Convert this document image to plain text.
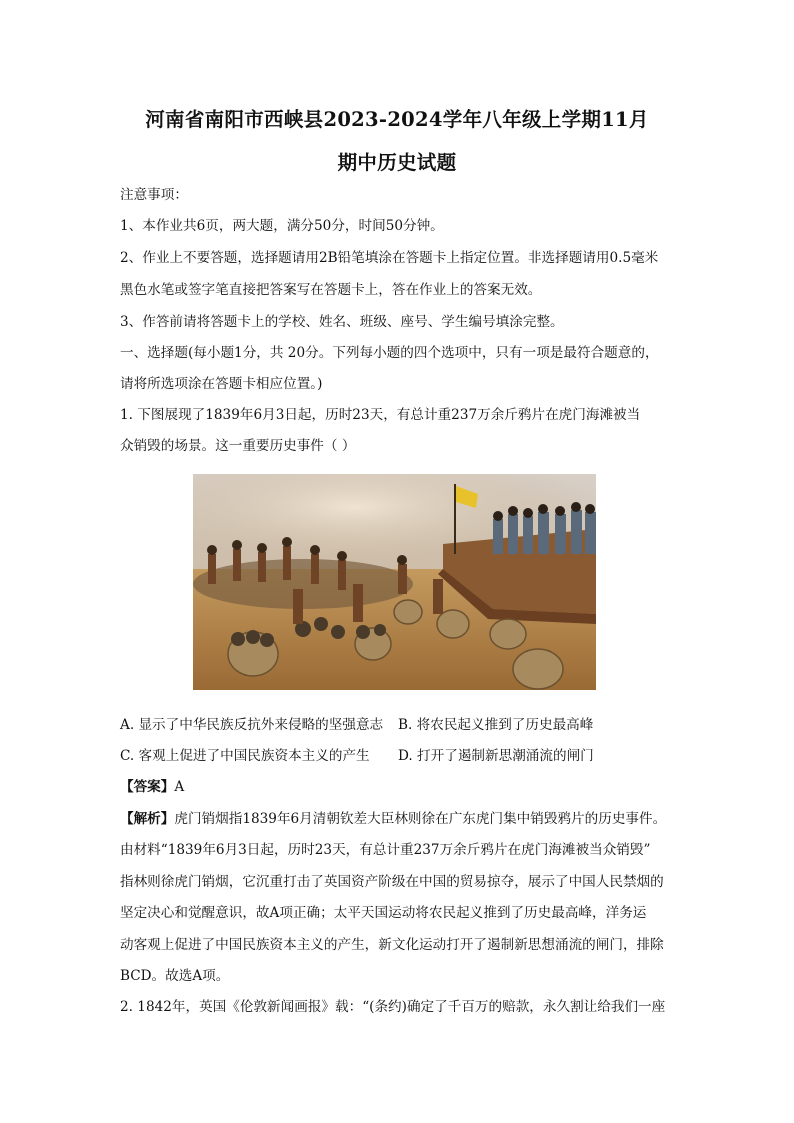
河南省南阳市西峡县2023-2024学年八年级上学期11月
期中历史试题
注意事项：
1、本作业共6页，两大题，满分50分，时间50分钟。
2、作业上不要答题，选择题请用2B铅笔填涂在答题卡上指定位置。非选择题请用0.5毫米
黑色水笔或签字笔直接把答案写在答题卡上，答在作业上的答案无效。
3、作答前请将答题卡上的学校、姓名、班级、座号、学生编号填涂完整。
一、选择题(每小题1分，共 20分。下列每小题的四个选项中，只有一项是最符合题意的，
请将所选项涂在答题卡相应位置。)
1. 下图展现了1839年6月3日起，历时23天，有总计重237万余斤鸦片在虎门海滩被当
众销毁的场景。这一重要历史事件（ ）
A. 显示了中华民族反抗外来侵略的坚强意志 B. 将农民起义推到了历史最高峰
C. 客观上促进了中国民族资本主义的产生 D. 打开了遏制新思潮涌流的闸门
【答案】A
【解析】虎门销烟指1839年6月清朝钦差大臣林则徐在广东虎门集中销毁鸦片的历史事件。
由材料“1839年6月3日起，历时23天，有总计重237万余斤鸦片在虎门海滩被当众销毁”
指林则徐虎门销烟，它沉重打击了英国资产阶级在中国的贸易掠夺，展示了中国人民禁烟的
坚定决心和觉醒意识，故A项正确；太平天国运动将农民起义推到了历史最高峰，洋务运
动客观上促进了中国民族资本主义的产生，新文化运动打开了遏制新思想涌流的闸门，排除
BCD。故选A项。
2. 1842年，英国《伦敦新闻画报》载：“(条约)确定了千百万的赔款，永久割让给我们一座
